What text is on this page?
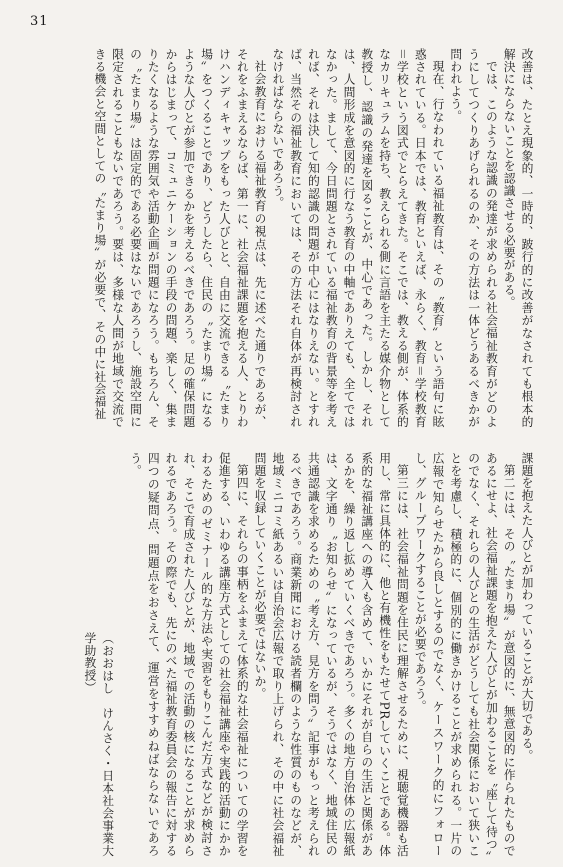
31

改善は、たとえ現象的、一時的、跛行的に改善がなされても根本的解決にならないことを認識させる必要がある。

では、このような認識の発達が求められる社会福祉教育がどのようにしてつくりあげられるのか、その方法は一体どうあるべきかが問われよう。

現在、行なわれている福祉教育は、その〝教育〟という語句に眩惑されている。日本では、教育といえば、永らく、教育＝学校教育＝学校という図式でとらえてきた。そこでは、教える側が、体系的なカリキュラムを持ち、教えられる側に言語を主たる媒介物として教授し、認識の発達を図ることが、中心であった。しかし、それは、人間形成を意図的に行なう教育の中軸でありえても、全てではなかった。まして、今日問題とされている福祉教育の背景等を考えれば、それは決して知的認識の問題が中心にはなりえない。とすれば、当然その福祉教育においては、その方法それ自体が再検討されなければならないであろう。

社会教育における福祉教育の視点は、先に述べた通りであるが、それをふまえるならば、第一に、社会福祉課題を抱える人、とりわけハンディキャップをもった人びとと、自由に交流できる〝たまり場〟をつくることであり、どうしたら、住民の〝たまり場〟になるような人びとが参加できるかを考えるべきであろう。足の確保問題からはじまって、コミュニケーションの手段の問題、楽しく、集まりたくなるような雰囲気や活動企画が問題になろう。もちろん、その〝たまり場〟は固定的である必要はないであろうし、施設空間に限定されることもないであろう。要は、多様な人間が地域で交流できる機会と空間としての〝たまり場〟が必要で、その中に社会福祉

課題を抱えた人びとが加わっていることが大切である。

第二には、その〝たまり場〟が意図的に、無意図的に作られたものであるにせよ、社会福祉課題を抱えた人びとが加わることを〝座して待つ〟のでなく、それらの人びとの生活がどうしても社会関係において狭いことを考慮し、積極的に、個別的に働きかけることが求められる。一片の広報で知らせたから良しとするのでなく、ケースワーク的にフォローし、グループワークすることが必要であろう。

第三には、社会福祉問題を住民に理解させるために、視聴覚機器も活用し、常に具体的に、他と有機性をもたせてPRしていくことである。体系的な福祉講座への導入も含めて、いかにそれが自らの生活と関係があるかを、繰り返し拡めていくべきであろう。多くの地方自治体の広報紙は、文字通り〝お知らせ〟になっているが、そうではなく、地域住民の共通認識を求めるための〝考え方、見方を問う〟記事がもっと考えられるべきであろう。商業新聞における読者欄のような性質のものなどが、地域ミニコミ紙あるいは自治会広報で取り上げられ、その中に社会福祉問題を収録していくことが必要ではないか。

第四に、それらの事柄をふまえて体系的な社会福祉についての学習を促進する、いわゆる講座方式としての社会福祉講座や実践的活動にかかわるためのゼミナール的な方法や実習をもりこんだ方式などが検討され、そこで育成された人びとが、地域での活動の核になることが求められるであろう。その際でも、先にのべた福祉教育委員会の報告に対する四つの疑問点、問題点をおさえて、運営をすすめねばならないであろう。

（おおはし　けんさく・日本社会事業大学助教授）
